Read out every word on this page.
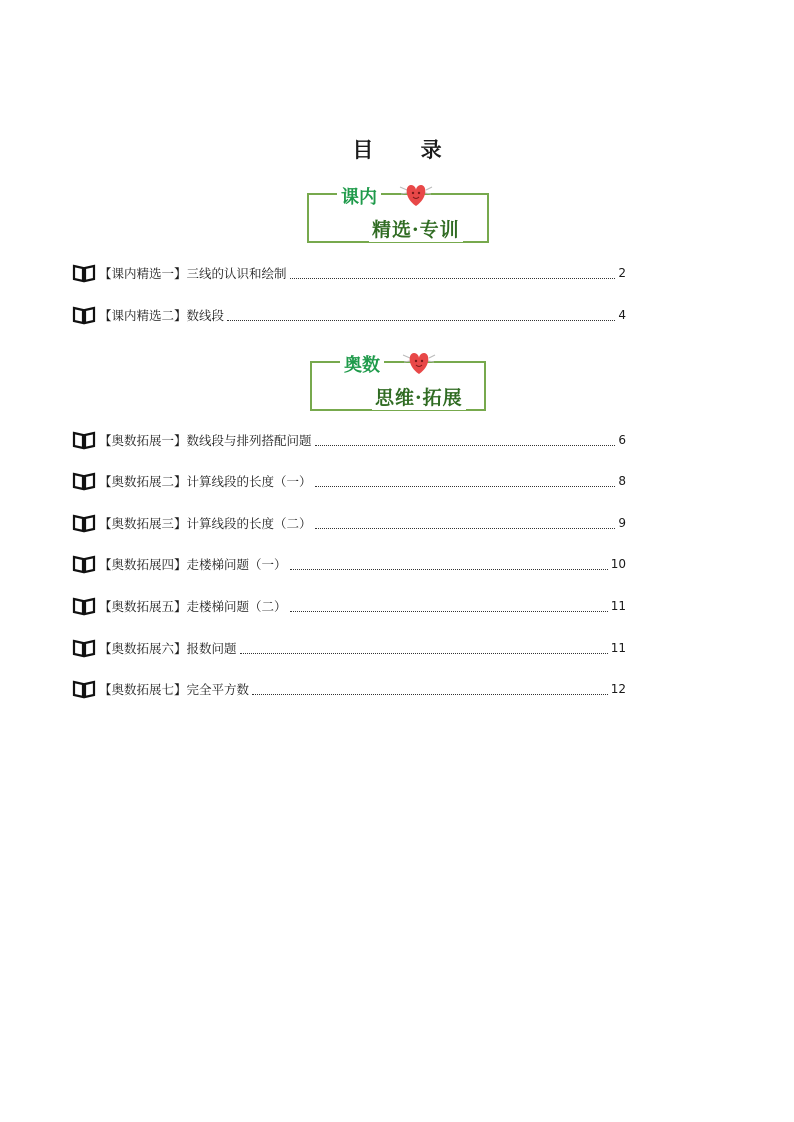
目 录
课内
精选·专训
奥数
思维·拓展
【课内精选一】三线的认识和绘制	2
【课内精选二】数线段	4
【奥数拓展一】数线段与排列搭配问题	6
【奥数拓展二】计算线段的长度（一）	8
【奥数拓展三】计算线段的长度（二）	9
【奥数拓展四】走楼梯问题（一）	10
【奥数拓展五】走楼梯问题（二）	11
【奥数拓展六】报数问题	11
【奥数拓展七】完全平方数	12
